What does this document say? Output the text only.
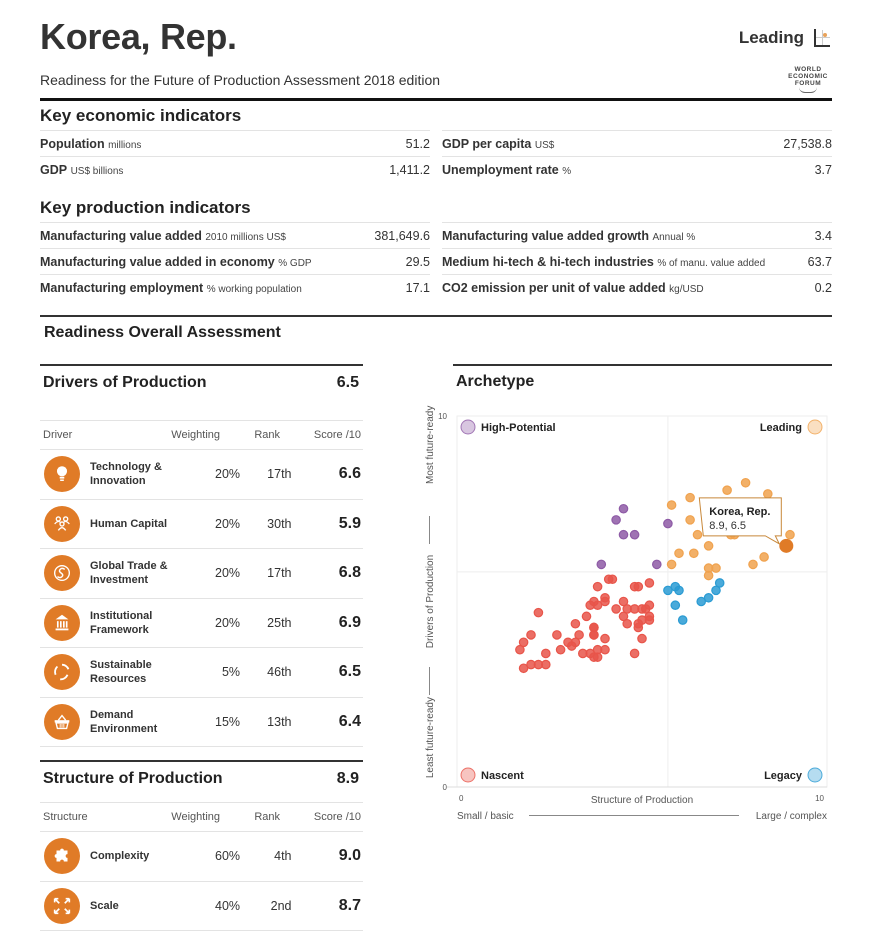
Korea, Rep.	Leading
Readiness for the Future of Production Assessment 2018 edition
WORLD
ECONOMIC
FORUM
Key economic indicators
Population millions	51.2
GDP US$ billions	1,411.2
GDP per capita US$	27,538.8
Unemployment rate %	3.7
Key production indicators
Manufacturing value added 2010 millions US$	381,649.6
Manufacturing value added in economy % GDP	29.5
Manufacturing employment % working population	17.1
Manufacturing value added growth Annual %	3.4
Medium hi-tech & hi-tech industries % of manu. value added	63.7
CO2 emission per unit of value added kg/USD	0.2
Readiness Overall Assessment
Drivers of Production	6.5
Driver	Weighting	Rank	Score /10
Technology & Innovation	20%	17th	6.6
Human Capital	20%	30th	5.9
Global Trade & Investment	20%	17th	6.8
Institutional Framework	20%	25th	6.9
Sustainable Resources	5%	46th	6.5
Demand Environment	15%	13th	6.4
Structure of Production	8.9
Structure	Weighting	Rank	Score /10
Complexity	60%	4th	9.0
Scale	40%	2nd	8.7
Archetype
10
0
0	10
Structure of Production
Small / basic	Large / complex
Drivers of Production
Most future-ready
Least future-ready
High-Potential	Leading
Nascent	Legacy
Korea, Rep.
8.9, 6.5
